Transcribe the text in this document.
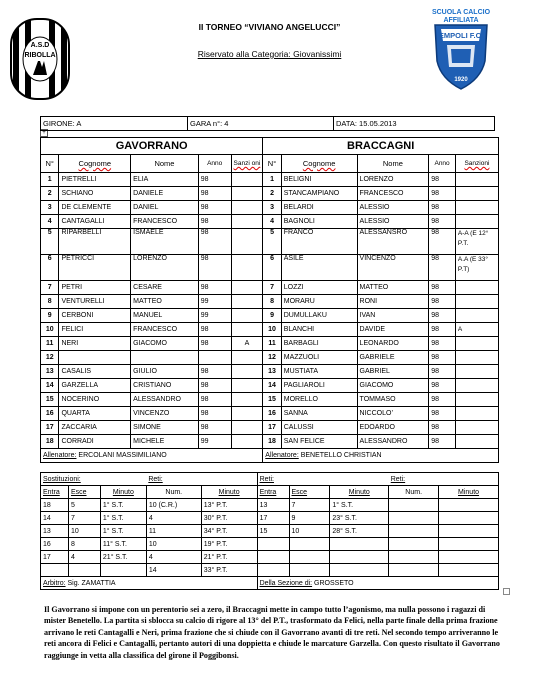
II TORNEO “VIVIANO ANGELUCCI”
Riservato alla Categoria: Giovanissimi
A.S.D
RIBOLLA
1925
SCUOLA CALCIO
AFFILIATA
EMPOLI F.C.
1920
+
GIRONE: A	GARA n°: 4	DATA: 15.05.2013
GAVORRANO					BRACCAGNI				
N°	Cognome	Nome	Anno	Sanzi oni	N°	Cognome	Nome	Anno	Sanzioni
1	PIETRELLI	ELIA	98		1	BELIGNI	LORENZO	98	
2	SCHIANO	DANIELE	98		2	STANCAMPIANO	FRANCESCO	98	
3	DE CLEMENTE	DANIEL	98		3	BELARDI	ALESSIO	98	
4	CANTAGALLI	FRANCESCO	98		4	BAGNOLI	ALESSIO	98	
5	RIPARBELLI	ISMAELE	98		5	FRANCO	ALESSANSRO	98	A-A (E 12° P.T.
6	PETRICCI	LORENZO	98		6	ASILE	VINCENZO	98	A.A (E 33° P.T)
7	PETRI	CESARE	98		7	LOZZI	MATTEO	98	
8	VENTURELLI	MATTEO	99		8	MORARU	RONI	98	
9	CERBONI	MANUEL	99		9	DUMULLAKU	IVAN	98	
10	FELICI	FRANCESCO	98		10	BLANCHI	DAVIDE	98	A
11	NERI	GIACOMO	98	A	11	BARBAGLI	LEONARDO	98	
12					12	MAZZUOLI	GABRIELE	98	
13	CASALIS	GIULIO	98		13	MUSTIATA	GABRIEL	98	
14	GARZELLA	CRISTIANO	98		14	PAGLIAROLI	GIACOMO	98	
15	NOCERINO	ALESSANDRO	98		15	MORELLO	TOMMASO	98	
16	QUARTA	VINCENZO	98		16	SANNA	NICCOLO’	98	
17	ZACCARIA	SIMONE	98		17	CALUSSI	EDOARDO	98	
18	CORRADI	MICHELE	99		18	SAN FELICE	ALESSANDRO	98	
Allenatore: ERCOLANI MASSIMILIANO					Allenatore: BENETELLO CHRISTIAN				
Sostituzioni:			Reti:		Reti:			Reti:	
Entra	Esce	Minuto	Num.	Minuto	Entra	Esce	Minuto	Num.	Minuto
18	5	1° S.T.	10 (C.R.)	13° P.T.	13	7	1° S.T.		
14	7	1° S.T.	4	30° P.T.	17	9	23° S.T.		
13	10	1° S.T.	11	34° P.T.	15	10	28° S.T.		
16	8	11° S.T.	10	19° P.T.					
17	4	21° S.T.	4	21° P.T.					
			14	33° P.T.					
Arbitro: Sig. ZAMATTIA					Della Sezione di: GROSSETO				
Il Gavorrano si impone con un perentorio sei a zero, il Braccagni mette in campo tutto l’agonismo, ma nulla possono i ragazzi di mister Benetello. La partita si sblocca su calcio di rigore al 13° del P.T., trasformato da Felici, nella parte finale della prima frazione arrivano le reti Cantagalli e Neri, prima frazione che si chiude con il Gavorrano avanti di tre reti. Nel secondo tempo arriveranno le reti ancora di Felici e Cantagalli, pertanto autori di una doppietta e chiude le marcature Garzella. Con questo risultato il Gavorrano raggiunge in vetta alla classifica del girone il Poggibonsi.
